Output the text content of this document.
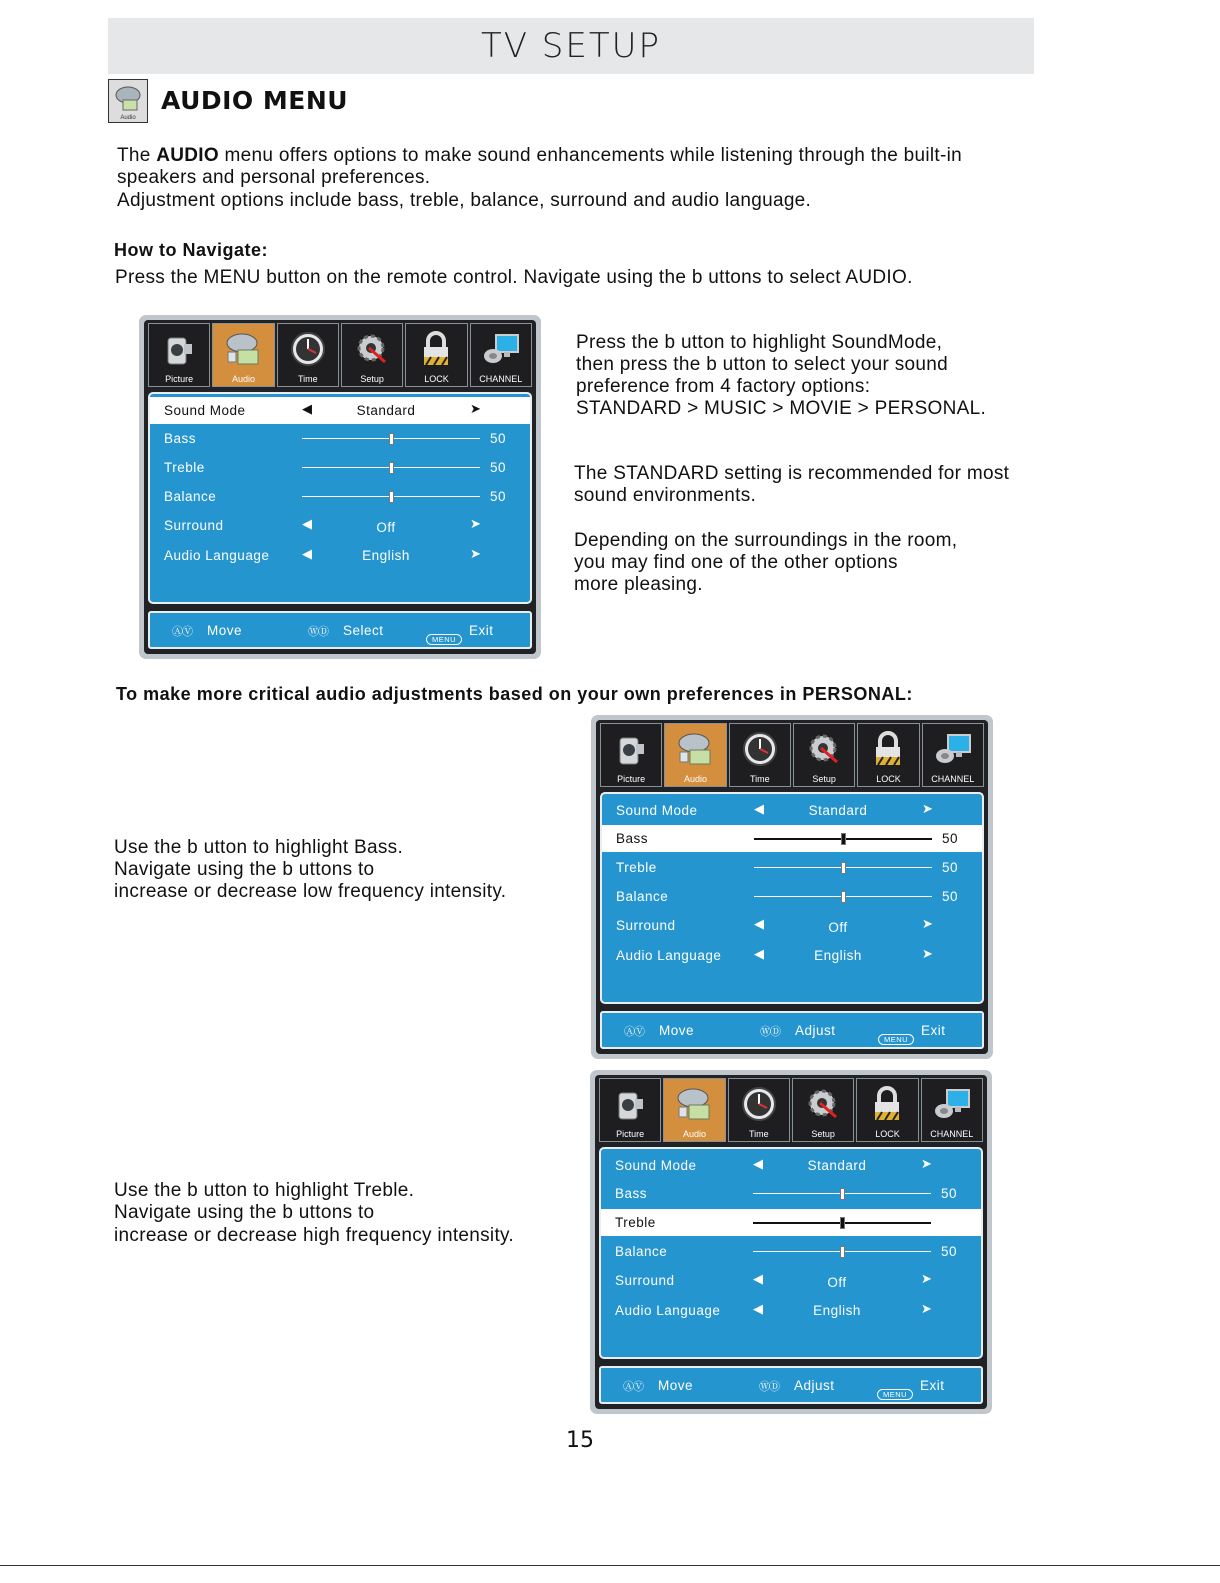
TV SETUP
Audio
AUDIO MENU
The AUDIO menu offers options to make sound enhancements while listening through the built-in
speakers and personal preferences.
Adjustment options include bass, treble, balance, surround and audio language.
How to Navigate:
Press the MENU button on the remote control. Navigate using the b uttons to select AUDIO.
Press the b utton to highlight SoundMode,
then press the b utton to select your sound
preference from 4 factory options:
STANDARD > MUSIC > MOVIE > PERSONAL.
The STANDARD setting is recommended for most
sound environments.
Depending on the surroundings in the room,
you may find one of the other options
more pleasing.
To make more critical audio adjustments based on your own preferences in PERSONAL:
Use the b utton to highlight Bass.
Navigate using the b uttons to
increase or decrease low frequency intensity.
Use the b utton to highlight Treble.
Navigate using the b uttons to
increase or decrease high frequency intensity.
Picture	Audio	Time	Setup	LOCK	CHANNEL
Sound Mode	◀	Standard	➤
Bass	50
Treble	50
Balance	50
Surround	◀	Off	➤
Audio Language	◀	English	➤
ⒶⓋ Move	ⓌⒹ Select
MENU
Exit
Picture	Audio	Time	Setup	LOCK	CHANNEL
Sound Mode	◀	Standard	➤
Bass	50
Treble	50
Balance	50
Surround	◀	Off	➤
Audio Language	◀	English	➤
ⒶⓋ Move	ⓌⒹ Adjust
MENU
Exit
Picture	Audio	Time	Setup	LOCK	CHANNEL
Sound Mode	◀	Standard	➤
Bass	50
Treble
Balance	50
Surround	◀	Off	➤
Audio Language	◀	English	➤
ⒶⓋ Move	ⓌⒹ Adjust
MENU
Exit
15
